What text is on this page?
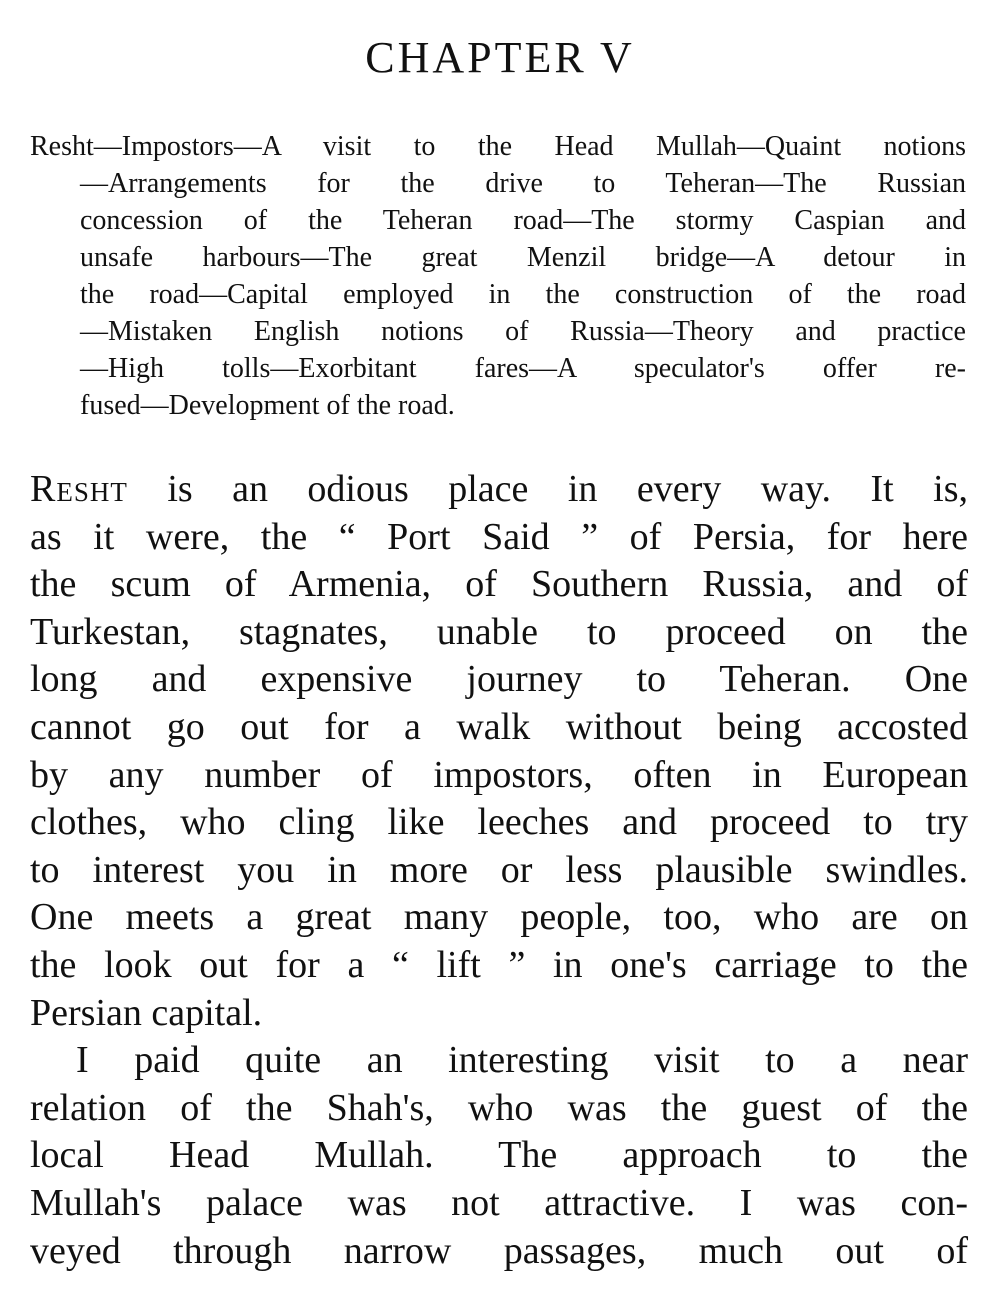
CHAPTER V
Resht—Impostors—A visit to the Head Mullah—Quaint notions
—Arrangements for the drive to Teheran—The Russian
concession of the Teheran road—The stormy Caspian and
unsafe harbours—The great Menzil bridge—A detour in
the road—Capital employed in the construction of the road
—Mistaken English notions of Russia—Theory and practice
—High tolls—Exorbitant fares—A speculator's offer re-
fused—Development of the road.
Resht is an odious place in every way. It is,
as it were, the “ Port Said ” of Persia, for here
the scum of Armenia, of Southern Russia, and of
Turkestan, stagnates, unable to proceed on the
long and expensive journey to Teheran. One
cannot go out for a walk without being accosted
by any number of impostors, often in European
clothes, who cling like leeches and proceed to try
to interest you in more or less plausible swindles.
One meets a great many people, too, who are on
the look out for a “ lift ” in one's carriage to the
Persian capital.
I paid quite an interesting visit to a near
relation of the Shah's, who was the guest of the
local Head Mullah. The approach to the
Mullah's palace was not attractive. I was con-
veyed through narrow passages, much out of
